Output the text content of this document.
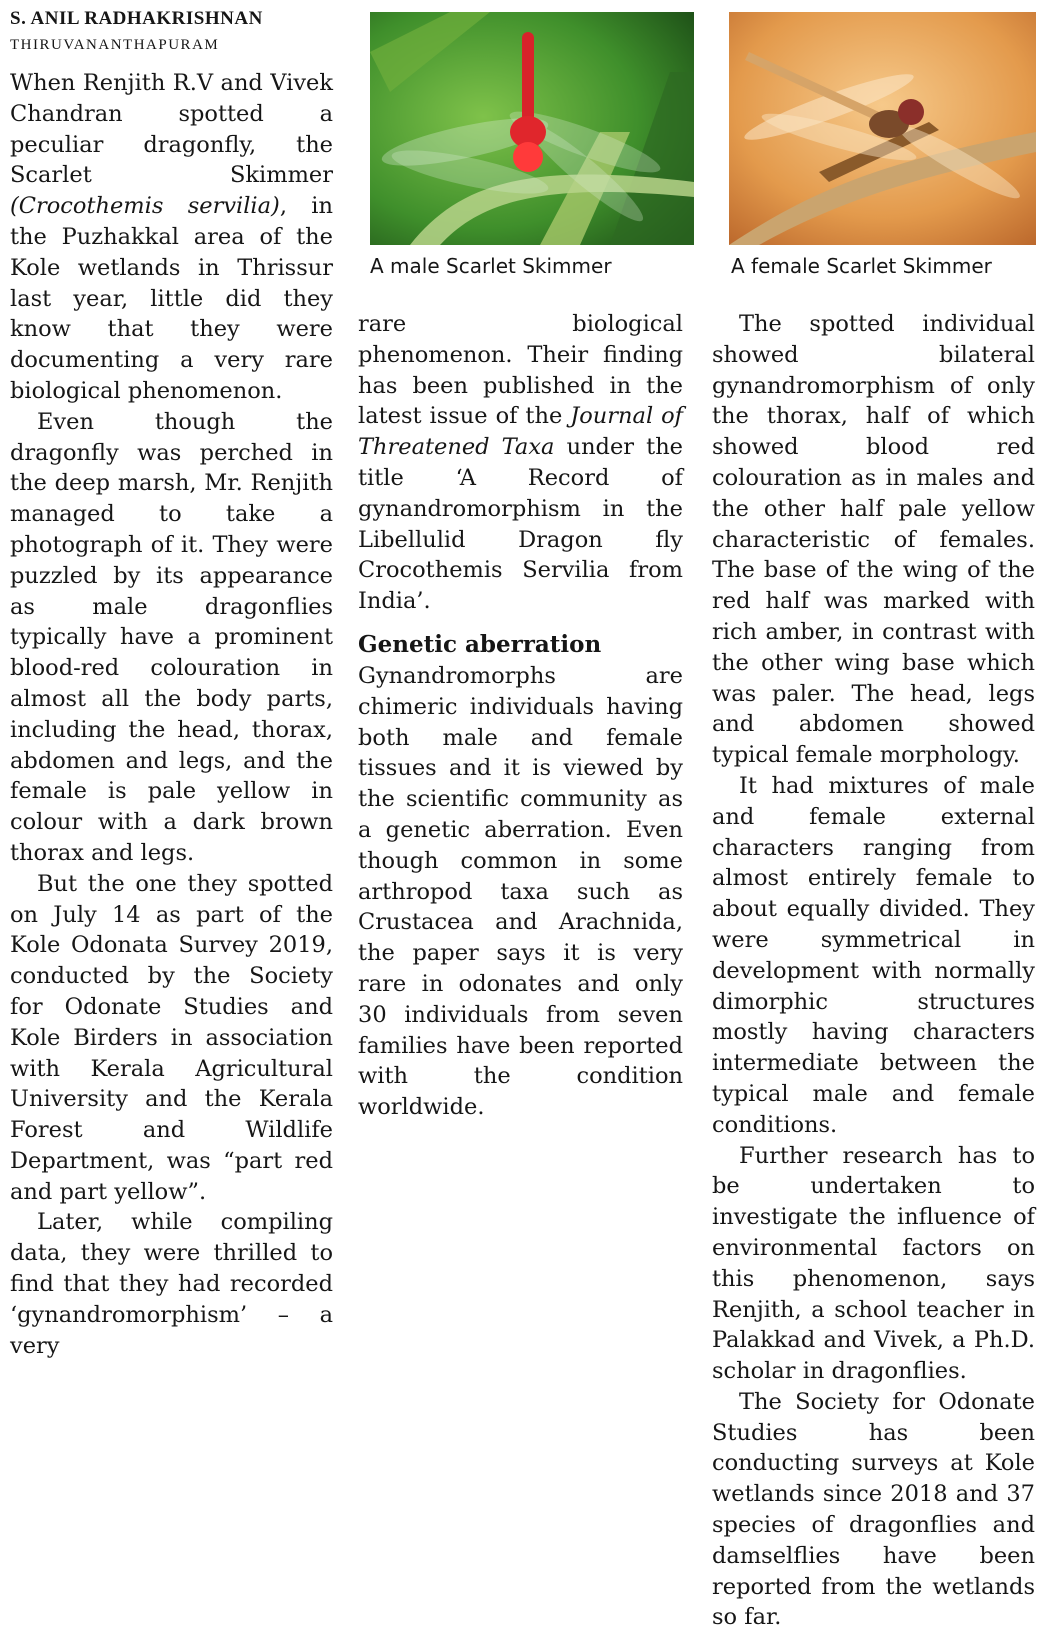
S. ANIL RADHAKRISHNAN
THIRUVANANTHAPURAM

When Renjith R.V and Vivek Chandran spotted a peculiar dragonfly, the Scarlet Skimmer (Crocothemis servilia), in the Puzhakkal area of the Kole wetlands in Thrissur last year, little did they know that they were documenting a very rare biological phenomenon.

Even though the dragonfly was perched in the deep marsh, Mr. Renjith managed to take a photograph of it. They were puzzled by its appearance as male dragonflies typically have a prominent blood-red colouration in almost all the body parts, including the head, thorax, abdomen and legs, and the female is pale yellow in colour with a dark brown thorax and legs.

But the one they spotted on July 14 as part of the Kole Odonata Survey 2019, conducted by the Society for Odonate Studies and Kole Birders in association with Kerala Agricultural University and the Kerala Forest and Wildlife Department, was “part red and part yellow”.

Later, while compiling data, they were thrilled to find that they had recorded ‘gynandromorphism’ – a very

A male Scarlet Skimmer	A female Scarlet Skimmer

rare biological phenomenon. Their finding has been published in the latest issue of the Journal of Threatened Taxa under the title ‘A Record of gynandromorphism in the Libellulid Dragon fly Crocothemis Servilia from India’.

Genetic aberration

Gynandromorphs are chimeric individuals having both male and female tissues and it is viewed by the scientific community as a genetic aberration. Even though common in some arthropod taxa such as Crustacea and Arachnida, the paper says it is very rare in odonates and only 30 individuals from seven families have been reported with the condition worldwide.

The spotted individual showed bilateral gynandromorphism of only the thorax, half of which showed blood red colouration as in males and the other half pale yellow characteristic of females. The base of the wing of the red half was marked with rich amber, in contrast with the other wing base which was paler. The head, legs and abdomen showed typical female morphology.

It had mixtures of male and female external characters ranging from almost entirely female to about equally divided. They were symmetrical in development with normally dimorphic structures mostly having characters intermediate between the typical male and female conditions.

Further research has to be undertaken to investigate the influence of environmental factors on this phenomenon, says Renjith, a school teacher in Palakkad and Vivek, a Ph.D. scholar in dragonflies.

The Society for Odonate Studies has been conducting surveys at Kole wetlands since 2018 and 37 species of dragonflies and damselflies have been reported from the wetlands so far.
